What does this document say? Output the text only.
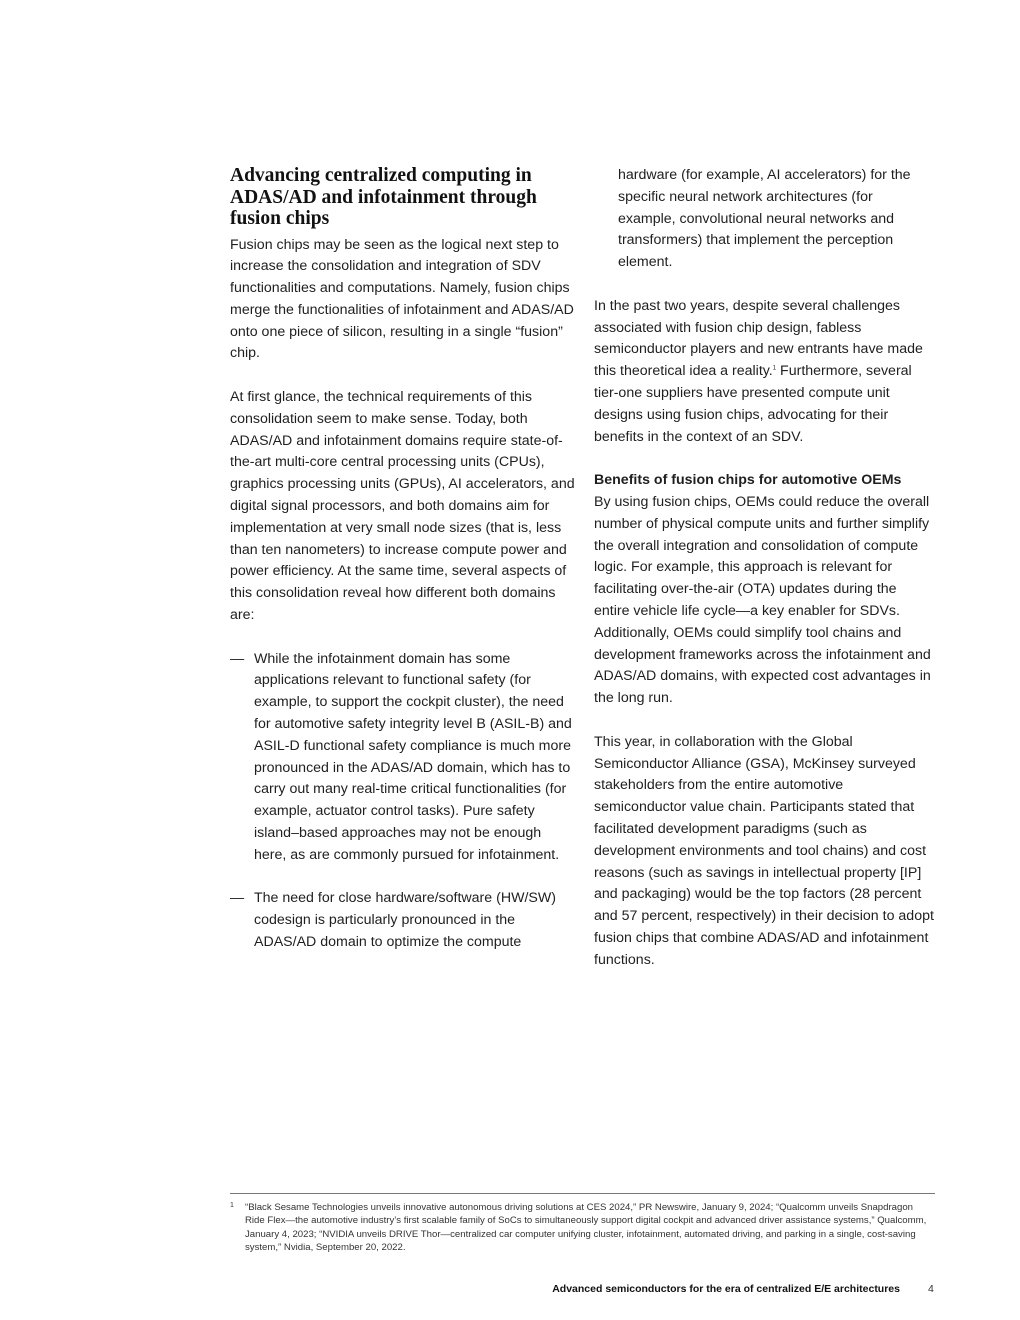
Advancing centralized computing in ADAS/AD and infotainment through fusion chips

Fusion chips may be seen as the logical next step to increase the consolidation and integration of SDV functionalities and computations. Namely, fusion chips merge the functionalities of infotainment and ADAS/AD onto one piece of silicon, resulting in a single “fusion” chip.

At first glance, the technical requirements of this consolidation seem to make sense. Today, both ADAS/AD and infotainment domains require state-of-the-art multi-core central processing units (CPUs), graphics processing units (GPUs), AI accelerators, and digital signal processors, and both domains aim for implementation at very small node sizes (that is, less than ten nanometers) to increase compute power and power efficiency. At the same time, several aspects of this consolidation reveal how different both domains are:

— While the infotainment domain has some applications relevant to functional safety (for example, to support the cockpit cluster), the need for automotive safety integrity level B (ASIL-B) and ASIL-D functional safety compliance is much more pronounced in the ADAS/AD domain, which has to carry out many real-time critical functionalities (for example, actuator control tasks). Pure safety island–based approaches may not be enough here, as are commonly pursued for infotainment.
— The need for close hardware/software (HW/SW) codesign is particularly pronounced in the ADAS/AD domain to optimize the compute

hardware (for example, AI accelerators) for the specific neural network architectures (for example, convolutional neural networks and transformers) that implement the perception element.

In the past two years, despite several challenges associated with fusion chip design, fabless semiconductor players and new entrants have made this theoretical idea a reality.$^1$ Furthermore, several tier-one suppliers have presented compute unit designs using fusion chips, advocating for their benefits in the context of an SDV.

Benefits of fusion chips for automotive OEMs

By using fusion chips, OEMs could reduce the overall number of physical compute units and further simplify the overall integration and consolidation of compute logic. For example, this approach is relevant for facilitating over-the-air (OTA) updates during the entire vehicle life cycle—a key enabler for SDVs. Additionally, OEMs could simplify tool chains and development frameworks across the infotainment and ADAS/AD domains, with expected cost advantages in the long run.

This year, in collaboration with the Global Semiconductor Alliance (GSA), McKinsey surveyed stakeholders from the entire automotive semiconductor value chain. Participants stated that facilitated development paradigms (such as development environments and tool chains) and cost reasons (such as savings in intellectual property [IP] and packaging) would be the top factors (28 percent and 57 percent, respectively) in their decision to adopt fusion chips that combine ADAS/AD and infotainment functions.

1	“Black Sesame Technologies unveils innovative autonomous driving solutions at CES 2024,” PR Newswire, January 9, 2024; “Qualcomm unveils Snapdragon Ride Flex—the automotive industry’s first scalable family of SoCs to simultaneously support digital cockpit and advanced driver assistance systems,” Qualcomm, January 4, 2023; “NVIDIA unveils DRIVE Thor—centralized car computer unifying cluster, infotainment, automated driving, and parking in a single, cost-saving system,” Nvidia, September 20, 2022.
Advanced semiconductors for the era of centralized E/E architectures	4
